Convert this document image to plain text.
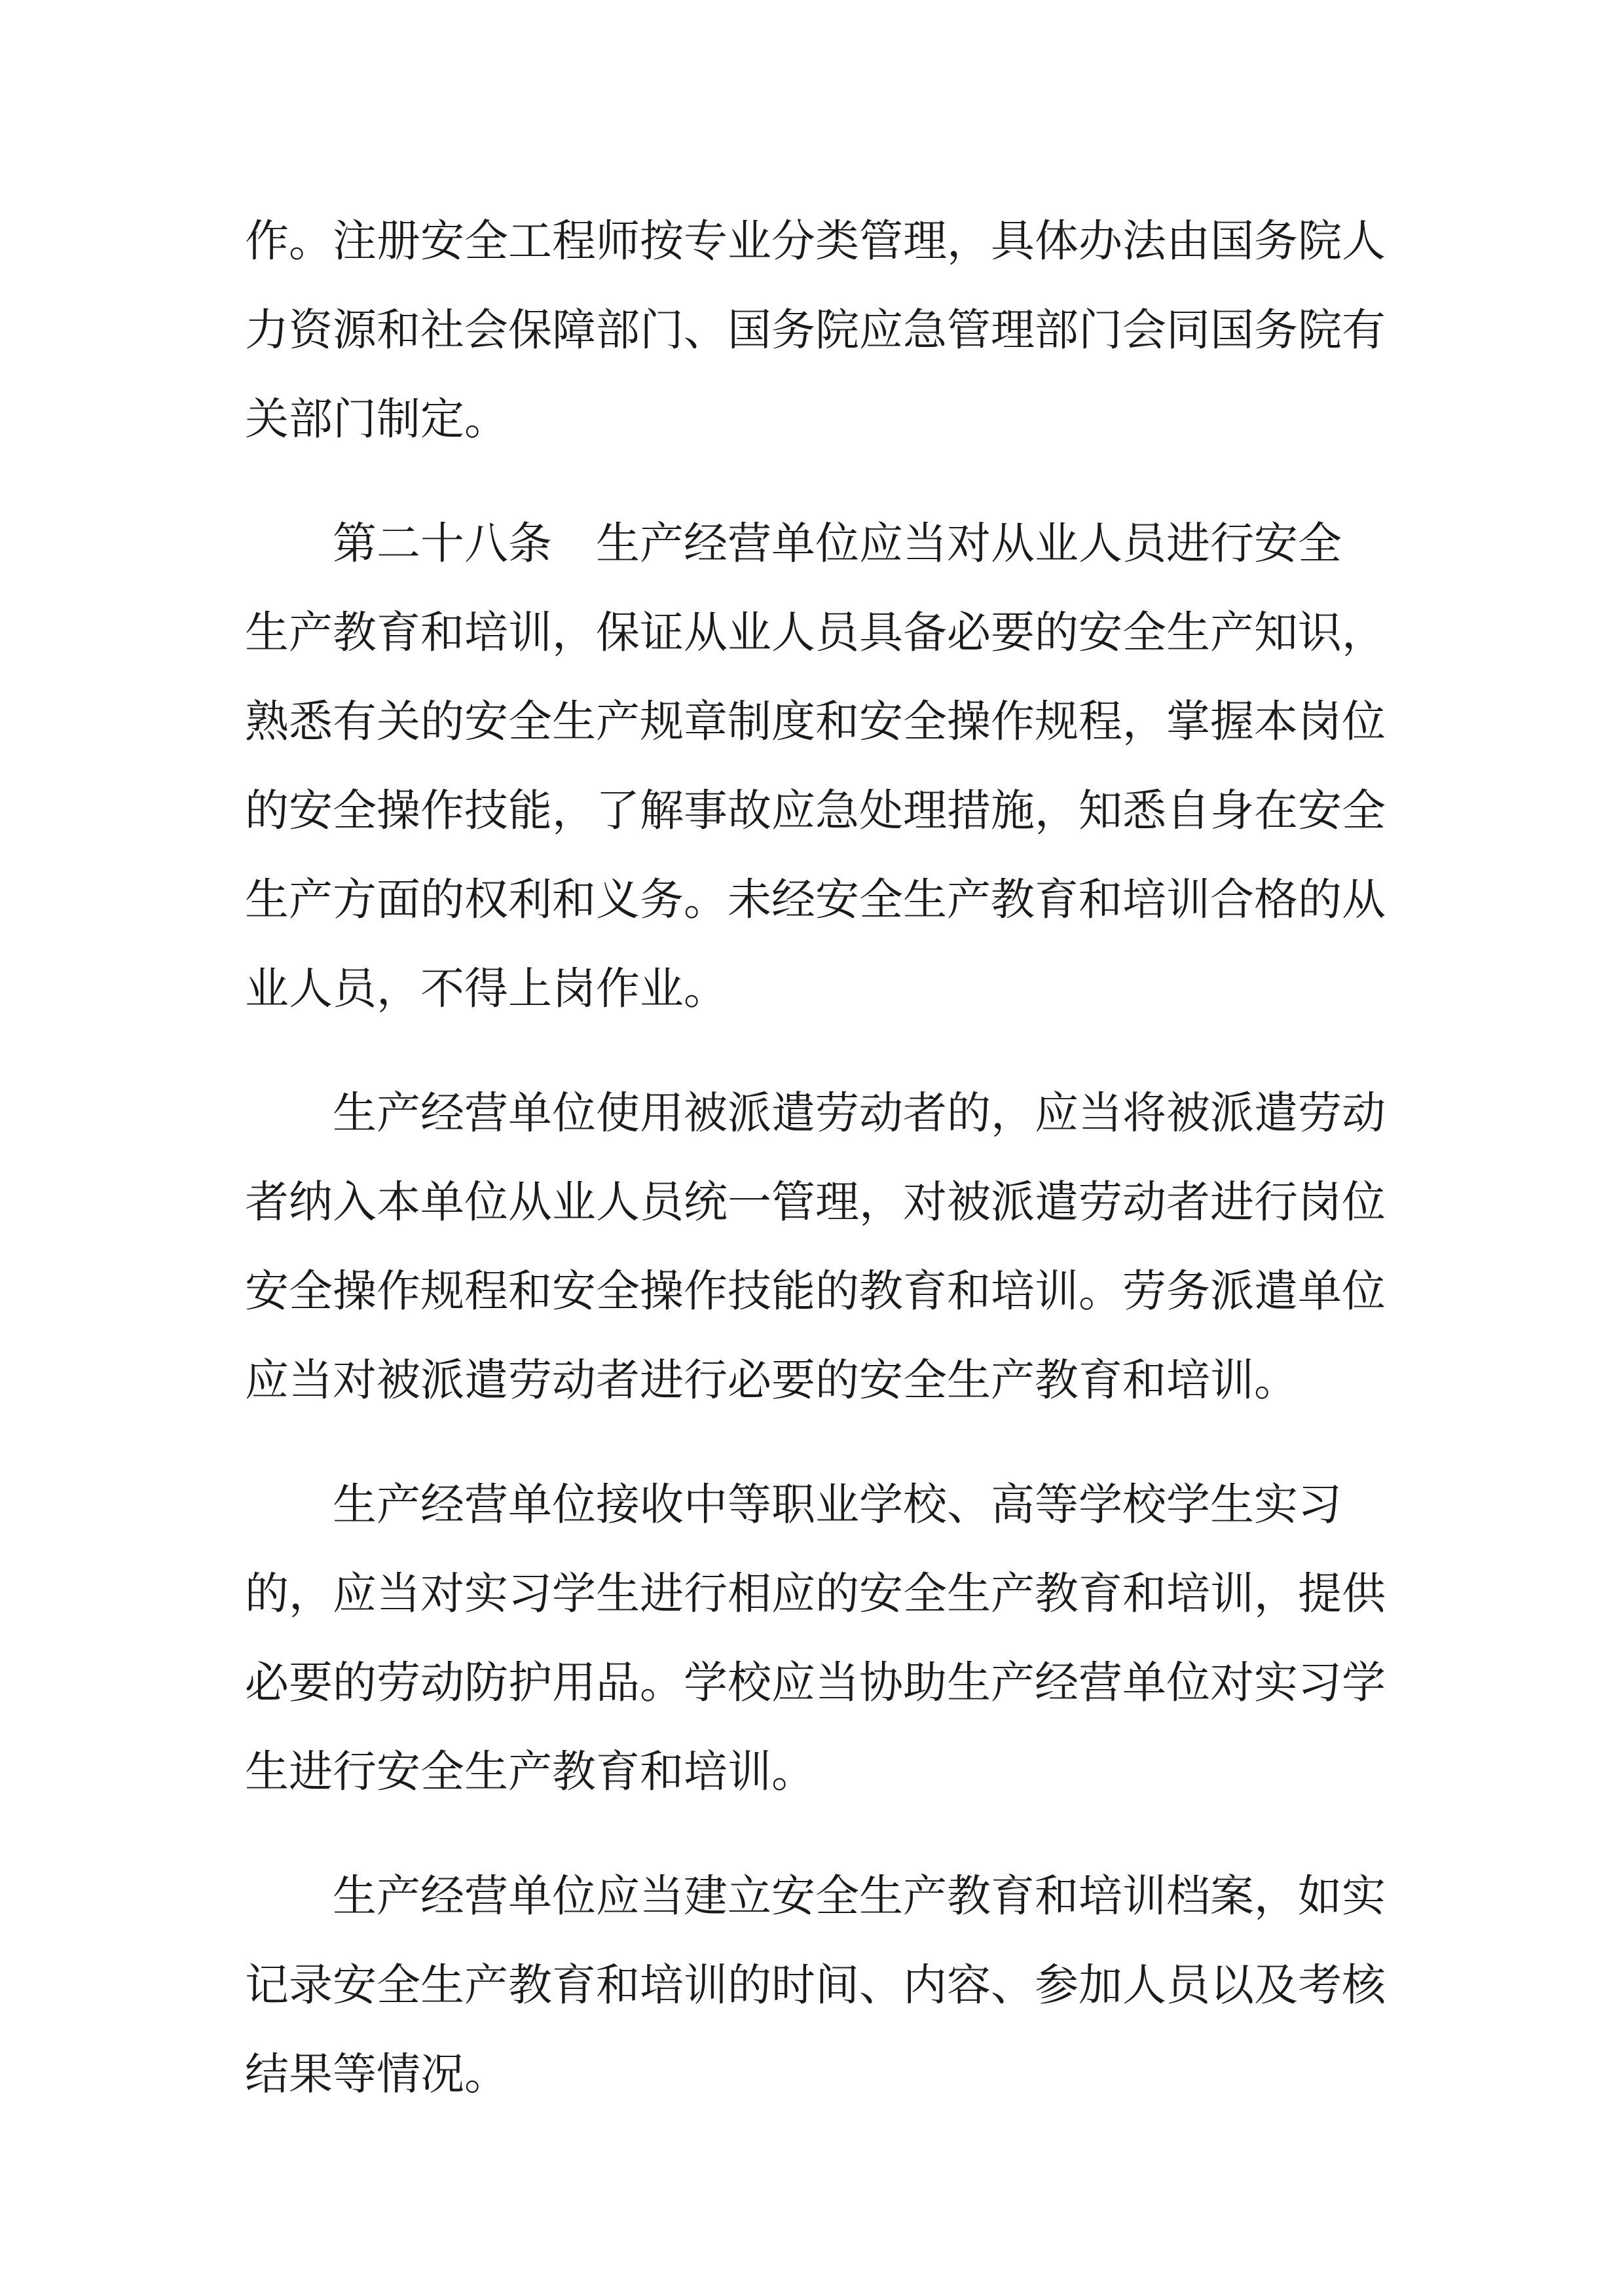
作。注册安全工程师按专业分类管理，具体办法由国务院人
力资源和社会保障部门、国务院应急管理部门会同国务院有
关部门制定。

第二十八条　生产经营单位应当对从业人员进行安全
生产教育和培训，保证从业人员具备必要的安全生产知识，
熟悉有关的安全生产规章制度和安全操作规程，掌握本岗位
的安全操作技能，了解事故应急处理措施，知悉自身在安全
生产方面的权利和义务。未经安全生产教育和培训合格的从
业人员，不得上岗作业。

生产经营单位使用被派遣劳动者的，应当将被派遣劳动
者纳入本单位从业人员统一管理，对被派遣劳动者进行岗位
安全操作规程和安全操作技能的教育和培训。劳务派遣单位
应当对被派遣劳动者进行必要的安全生产教育和培训。

生产经营单位接收中等职业学校、高等学校学生实习
的，应当对实习学生进行相应的安全生产教育和培训，提供
必要的劳动防护用品。学校应当协助生产经营单位对实习学
生进行安全生产教育和培训。

生产经营单位应当建立安全生产教育和培训档案，如实
记录安全生产教育和培训的时间、内容、参加人员以及考核
结果等情况。
